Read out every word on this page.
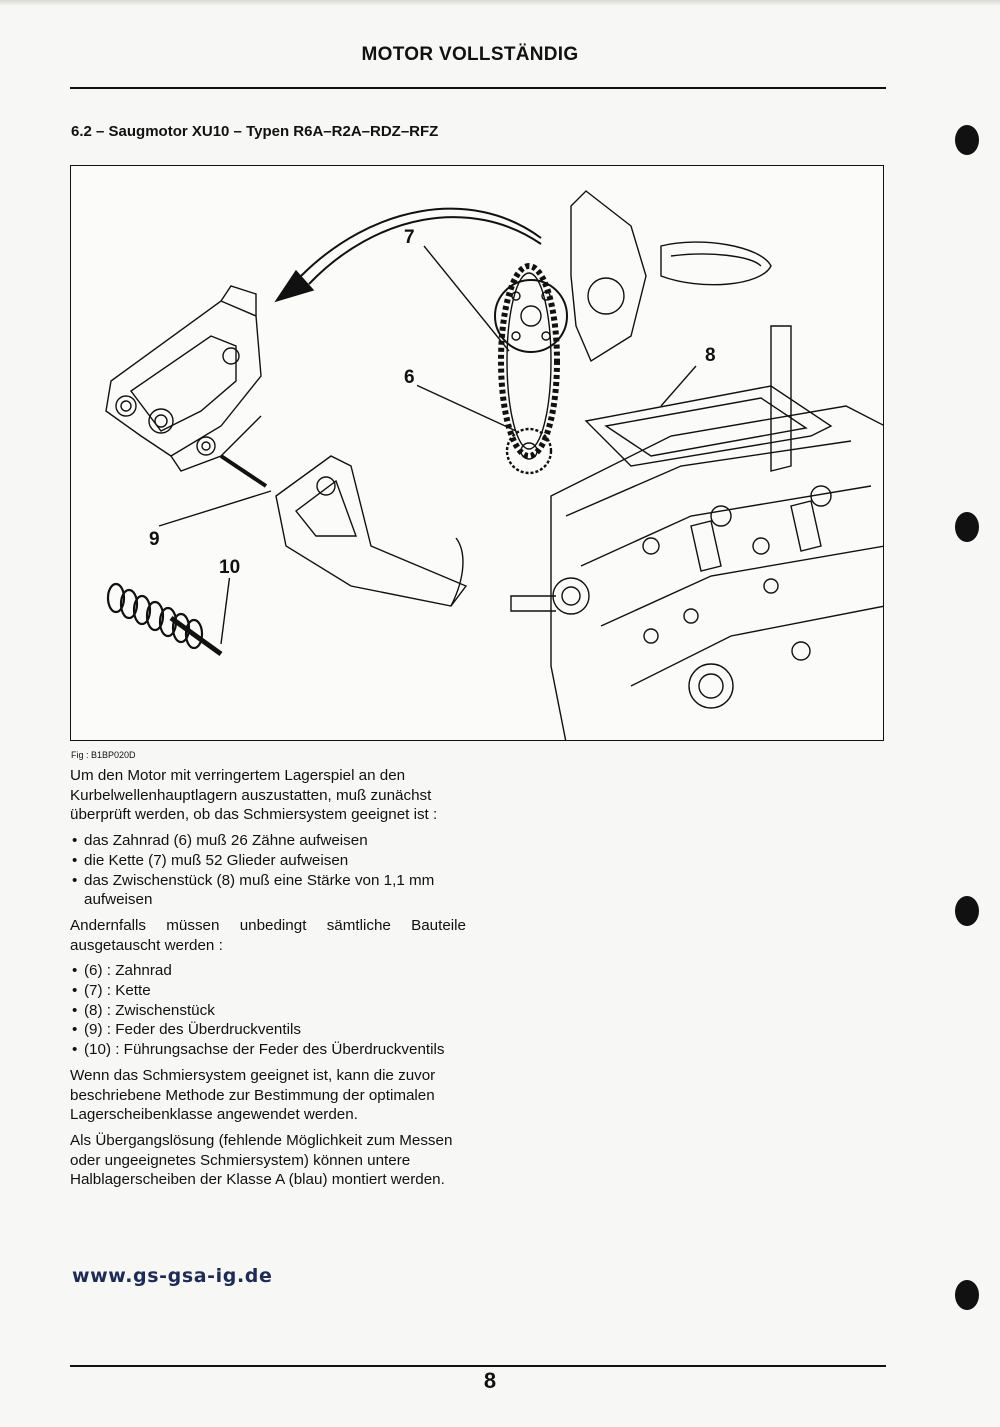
MOTOR VOLLSTÄNDIG
6.2 – Saugmotor XU10 – Typen R6A–R2A–RDZ–RFZ
7
6
8
9
10
Fig : B1BP020D

Um den Motor mit verringertem Lagerspiel an den Kurbelwellenhauptlagern auszustatten, muß zunächst überprüft werden, ob das Schmiersystem geeignet ist :

• das Zahnrad (6) muß 26 Zähne aufweisen
• die Kette (7) muß 52 Glieder aufweisen
• das Zwischenstück (8) muß eine Stärke von 1,1 mm aufweisen

Andernfalls müssen unbedingt sämtliche Bauteile ausgetauscht werden :

• (6) : Zahnrad
• (7) : Kette
• (8) : Zwischenstück
• (9) : Feder des Überdruckventils
• (10) : Führungsachse der Feder des Überdruckventils

Wenn das Schmiersystem geeignet ist, kann die zuvor beschriebene Methode zur Bestimmung der optimalen Lagerscheibenklasse angewendet werden.

Als Übergangslösung (fehlende Möglichkeit zum Messen oder ungeeignetes Schmiersystem) können untere Halblagerscheiben der Klasse A (blau) montiert werden.

www.gs-gsa-ig.de
8
